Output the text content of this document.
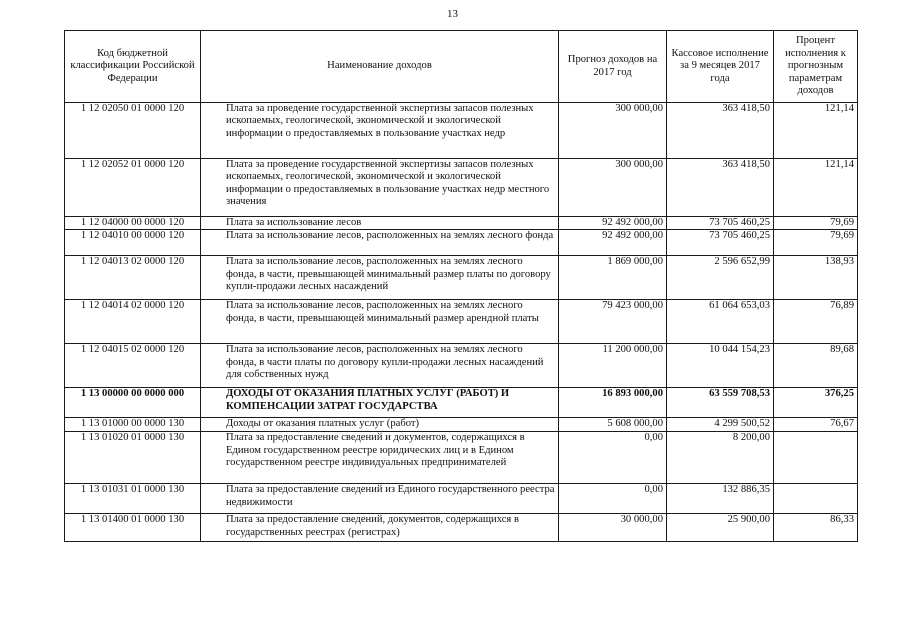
13
Код бюджетной классификации Российской Федерации	Наименование доходов	Прогноз доходов на 2017 год	Кассовое исполнение за 9 месяцев 2017 года	Процент исполнения к прогнозным параметрам доходов
1 12 02050 01 0000 120	Плата за проведение государственной экспертизы запасов полезных ископаемых, геологической, экономической и экологической информации о предоставляемых в пользование участках недр	300 000,00	363 418,50	121,14
1 12 02052 01 0000 120	Плата за проведение государственной экспертизы запасов полезных ископаемых, геологической, экономической и экологической информации о предоставляемых в пользование участках недр местного значения	300 000,00	363 418,50	121,14
1 12 04000 00 0000 120	Плата за использование лесов	92 492 000,00	73 705 460,25	79,69
1 12 04010 00 0000 120	Плата за использование лесов, расположенных на землях лесного фонда	92 492 000,00	73 705 460,25	79,69
1 12 04013 02 0000 120	Плата за использование лесов, расположенных на землях лесного фонда, в части, превышающей минимальный размер платы по договору купли-продажи лесных насаждений	1 869 000,00	2 596 652,99	138,93
1 12 04014 02 0000 120	Плата за использование лесов, расположенных на землях лесного фонда, в части, превышающей минимальный размер арендной платы	79 423 000,00	61 064 653,03	76,89
1 12 04015 02 0000 120	Плата за использование лесов, расположенных на землях лесного фонда, в части платы по договору купли-продажи лесных насаждений для собственных нужд	11 200 000,00	10 044 154,23	89,68
1 13 00000 00 0000 000	ДОХОДЫ ОТ ОКАЗАНИЯ ПЛАТНЫХ УСЛУГ (РАБОТ) И КОМПЕНСАЦИИ ЗАТРАТ ГОСУДАРСТВА	16 893 000,00	63 559 708,53	376,25
1 13 01000 00 0000 130	Доходы от оказания платных услуг (работ)	5 608 000,00	4 299 500,52	76,67
1 13 01020 01 0000 130	Плата за предоставление сведений и документов, содержащихся в Едином государственном реестре юридических лиц и в Едином государственном реестре индивидуальных предпринимателей	0,00	8 200,00	
1 13 01031 01 0000 130	Плата за предоставление сведений из Единого государственного реестра недвижимости	0,00	132 886,35	
1 13 01400 01 0000 130	Плата за предоставление сведений, документов, содержащихся в государственных реестрах (регистрах)	30 000,00	25 900,00	86,33
